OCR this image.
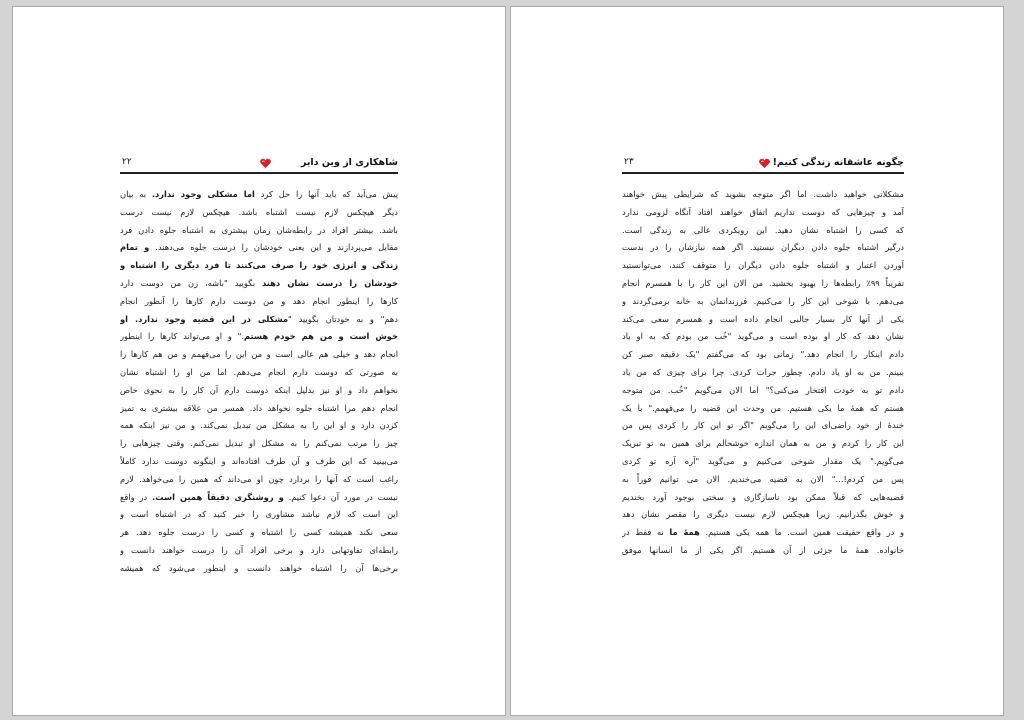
شاهکاری از وین دایر
۲۲
پیش می‌آید که باید آنها را حل کرد اما مشکلی وجود ندارد. به بیان
دیگر هیچکس لازم نیست اشتباه باشد. هیچکس لازم نیست درست
باشد. بیشتر افراد در رابطه‌شان زمان بیشتری به اشتباه جلوه دادن فرد
مقابل می‌پردازند و این یعنی خودشان را درست جلوه می‌دهند. و تمام
زندگی و انرژی خود را صرف می‌کنند تا فرد دیگری را اشتباه و
خودشان را درست نشان دهند بگویید "باشه، زن من دوست دارد
کارها را اینطور انجام دهد و من دوست دارم کارها را آنطور انجام
دهم" و به خودتان بگویید "مشکلی در این قضیه وجود ندارد. او
خوش است و من هم خودم هستم." و او می‌تواند کارها را اینطور
انجام دهد و خیلی هم عالی است و من این را می‌فهمم و من هم کارها را
به صورتی که دوست دارم انجام می‌دهم. اما من او را اشتباه نشان
نخواهم داد و او نیز بدلیل اینکه دوست دارم آن کار را به نحوی خاص
انجام دهم مرا اشتباه جلوه نخواهد داد. همسر من علاقه بیشتری به تمیز
کردن دارد و او این را به مشکل من تبدیل نمی‌کند. و من نیز اینکه همه
چیز را مرتب نمی‌کنم را به مشکل او تبدیل نمی‌کنم. وقتی چیزهایی را
می‌بینید که این طرف و آن طرف افتاده‌اند و اینگونه دوست ندارد کاملاً
راغب است که آنها را بردارد چون او می‌داند که همین را می‌خواهد. لازم
نیست در مورد آن دعوا کنیم. و روشنگری دقیقاً همین است. در واقع
این است که لازم نباشد مشاوری را خبر کنید که در اشتباه است و
سعی نکند همیشه کسی را اشتباه و کسی را درست جلوه دهد. هر
رابطه‌ای تفاوتهایی دارد و برخی افراد آن را درست خواهند دانست و
برخی‌ها آن را اشتباه خواهند دانست و اینطور می‌شود که همیشه
چگونه عاشقانه زندگی کنیم!
۲۳
مشکلاتی خواهید داشت. اما اگر متوجه بشوید که شرایطی پیش خواهند
آمد و چیزهایی که دوست نداریم اتفاق خواهند افتاد آنگاه لزومی ندارد
که کسی را اشتباه نشان دهید. این رویکردی عالی به زندگی است.
درگیر اشتباه جلوه دادن دیگران نیستید. اگر همه نیازشان را در بدست
آوردن اعتبار و اشتباه جلوه دادن دیگران را متوقف کنند، می‌توانستید
تقریباً ۹۹٪ رابطه‌ها را بهبود بخشید. من الان این کار را با همسرم انجام
می‌دهم. با شوخی این کار را می‌کنیم. فرزندانمان به خانه برمی‌گردند و
یکی از آنها کار بسیار جالبی انجام داده است و همسرم سعی می‌کند
نشان دهد که کار او بوده است و می‌گوید "خُب من بودم که به او یاد
دادم اینکار را انجام دهد." زمانی بود که می‌گفتم "یک دقیقه صبر کن
ببینم. من به او یاد دادم. چطور جرات کردی. چرا برای چیزی که من یاد
دادم تو به خودت افتخار می‌کنی؟" اما الان می‌گویم "خُب. من متوجه
هستم که همهٔ ما یکی هستیم. من وحدت این قضیه را می‌فهمم." با یک
خندهٔ از خود راضی‌ای این را می‌گویم "اگر تو این کار را کردی پس من
این کار را کردم و من به همان اندازه خوشحالم برای همین به تو تبریک
می‌گویم." یک مقدار شوخی می‌کنیم و می‌گوید "آره آره تو کردی
پس من کردم!..." الان به قضیه می‌خندیم. الان می توانیم فوراً به
قضیه‌هایی که قبلاً ممکن بود ناسازگاری و سختی بوجود آورد بخندیم
و خوش بگذرانیم. زیرا هیچکس لازم نیست دیگری را مقصر نشان دهد
و در واقع حقیقت همین است. ما همه یکی هستیم. همهٔ ما نه فقط در
خانواده. همهٔ ما جزئی از آن هستیم. اگر یکی از ما انسانها موفق
